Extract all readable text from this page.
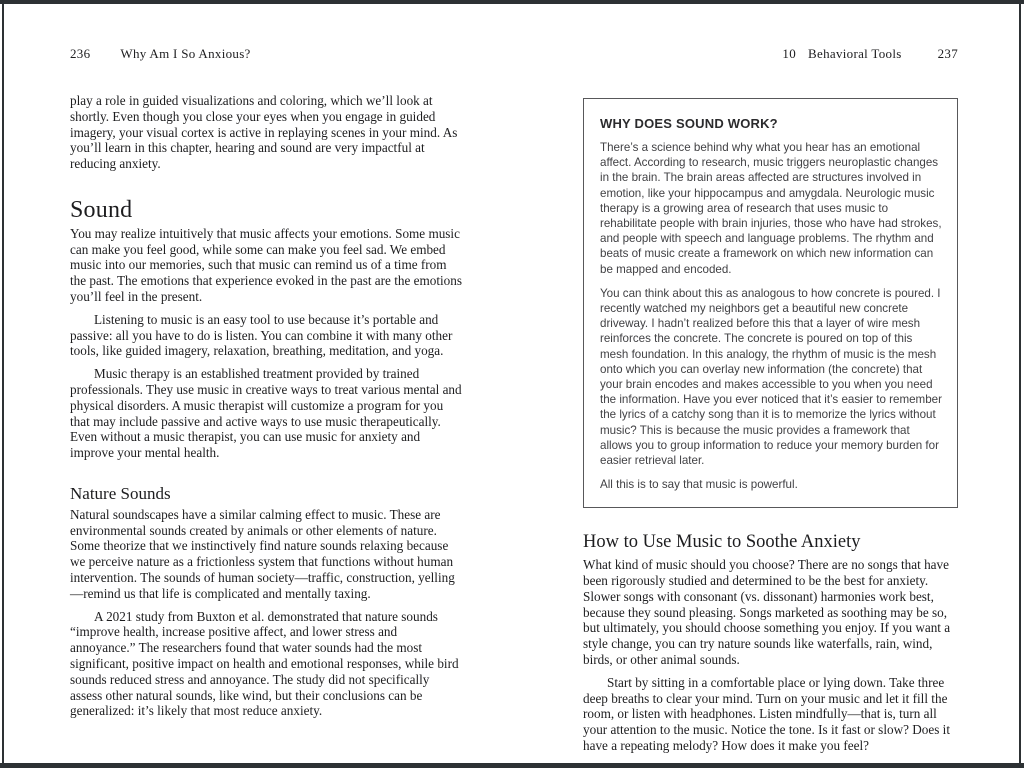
236 Why Am I So Anxious?

play a role in guided visualizations and coloring, which we’ll look at shortly. Even though you close your eyes when you engage in guided imagery, your visual cortex is active in replaying scenes in your mind. As you’ll learn in this chapter, hearing and sound are very impactful at reducing anxiety.

Sound

You may realize intuitively that music affects your emotions. Some music can make you feel good, while some can make you feel sad. We embed music into our memories, such that music can remind us of a time from the past. The emotions that experience evoked in the past are the emotions you’ll feel in the present.

Listening to music is an easy tool to use because it’s portable and passive: all you have to do is listen. You can combine it with many other tools, like guided imagery, relaxation, breathing, meditation, and yoga.

Music therapy is an established treatment provided by trained professionals. They use music in creative ways to treat various mental and physical disorders. A music therapist will customize a program for you that may include passive and active ways to use music therapeutically. Even without a music therapist, you can use music for anxiety and improve your mental health.

Nature Sounds

Natural soundscapes have a similar calming effect to music. These are environmental sounds created by animals or other elements of nature. Some theorize that we instinctively find nature sounds relaxing because we perceive nature as a frictionless system that functions without human intervention. The sounds of human society—traffic, construction, yelling—remind us that life is complicated and mentally taxing.

A 2021 study from Buxton et al. demonstrated that nature sounds “improve health, increase positive affect, and lower stress and annoyance.” The researchers found that water sounds had the most significant, positive impact on health and emotional responses, while bird sounds reduced stress and annoyance. The study did not specifically assess other natural sounds, like wind, but their conclusions can be generalized: it’s likely that most reduce anxiety.

10 Behavioral Tools	237

WHY DOES SOUND WORK?

There’s a science behind why what you hear has an emotional affect. According to research, music triggers neuroplastic changes in the brain. The brain areas affected are structures involved in emotion, like your hippocampus and amygdala. Neurologic music therapy is a growing area of research that uses music to rehabilitate people with brain injuries, those who have had strokes, and people with speech and language problems. The rhythm and beats of music create a framework on which new information can be mapped and encoded.

You can think about this as analogous to how concrete is poured. I recently watched my neighbors get a beautiful new concrete driveway. I hadn’t realized before this that a layer of wire mesh reinforces the concrete. The concrete is poured on top of this mesh foundation. In this analogy, the rhythm of music is the mesh onto which you can overlay new information (the concrete) that your brain encodes and makes accessible to you when you need the information. Have you ever noticed that it’s easier to remember the lyrics of a catchy song than it is to memorize the lyrics without music? This is because the music provides a framework that allows you to group information to reduce your memory burden for easier retrieval later.

All this is to say that music is powerful.

How to Use Music to Soothe Anxiety

What kind of music should you choose? There are no songs that have been rigorously studied and determined to be the best for anxiety. Slower songs with consonant (vs. dissonant) harmonies work best, because they sound pleasing. Songs marketed as soothing may be so, but ultimately, you should choose something you enjoy. If you want a style change, you can try nature sounds like waterfalls, rain, wind, birds, or other animal sounds.

Start by sitting in a comfortable place or lying down. Take three deep breaths to clear your mind. Turn on your music and let it fill the room, or listen with headphones. Listen mindfully—that is, turn all your attention to the music. Notice the tone. Is it fast or slow? Does it have a repeating melody? How does it make you feel?
